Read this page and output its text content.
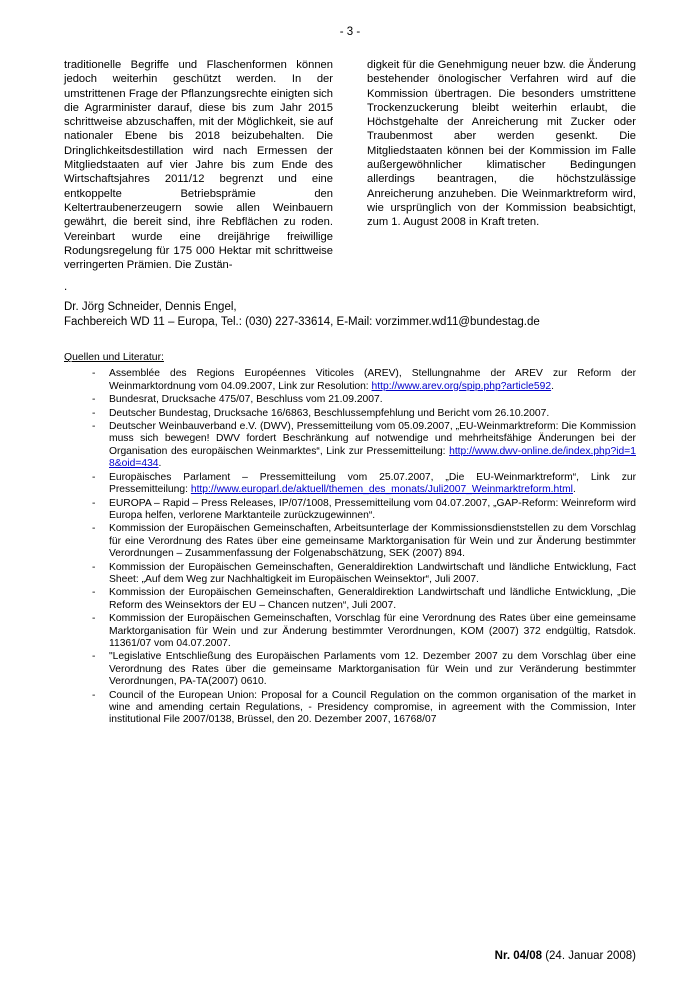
- 3 -
traditionelle Begriffe und Flaschenformen können jedoch weiterhin geschützt werden. In der umstrittenen Frage der Pflanzungsrechte einigten sich die Agrarminister darauf, diese bis zum Jahr 2015 schrittweise abzuschaffen, mit der Möglichkeit, sie auf nationaler Ebene bis 2018 beizubehalten. Die Dringlichkeitsdestillation wird nach Ermessen der Mitgliedstaaten auf vier Jahre bis zum Ende des Wirtschaftsjahres 2011/12 begrenzt und eine entkoppelte Betriebsprämie den Keltertraubenerzeugern sowie allen Weinbauern gewährt, die bereit sind, ihre Rebflächen zu roden. Vereinbart wurde eine dreijährige freiwillige Rodungsregelung für 175 000 Hektar mit schrittweise verringerten Prämien. Die Zustän-
digkeit für die Genehmigung neuer bzw. die Änderung bestehender önologischer Verfahren wird auf die Kommission übertragen. Die besonders umstrittene Trockenzuckerung bleibt weiterhin erlaubt, die Höchstgehalte der Anreicherung mit Zucker oder Traubenmost aber werden gesenkt. Die Mitgliedstaaten können bei der Kommission im Falle außergewöhnlicher klimatischer Bedingungen allerdings beantragen, die höchstzulässige Anreicherung anzuheben. Die Weinmarktreform wird, wie ursprünglich von der Kommission beabsichtigt, zum 1. August 2008 in Kraft treten.
.
Dr. Jörg Schneider, Dennis Engel,
Fachbereich WD 11 – Europa, Tel.: (030) 227-33614, E-Mail: vorzimmer.wd11@bundestag.de
Quellen und Literatur:
-	Assemblée des Regions Européennes Viticoles (AREV), Stellungnahme der AREV zur Reform der Weinmarktordnung vom 04.09.2007, Link zur Resolution: http://www.arev.org/spip.php?article592.
-	Bundesrat, Drucksache 475/07, Beschluss vom 21.09.2007.
-	Deutscher Bundestag, Drucksache 16/6863, Beschlussempfehlung und Bericht vom 26.10.2007.
-	Deutscher Weinbauverband e.V. (DWV), Pressemitteilung vom 05.09.2007, „EU-Weinmarktreform: Die Kommission muss sich bewegen! DWV fordert Beschränkung auf notwendige und mehrheitsfähige Änderungen bei der Organisation des europäischen Weinmarktes“, Link zur Pressemitteilung: http://www.dwv-online.de/index.php?id=18&oid=434.
-	Europäisches Parlament – Pressemitteilung vom 25.07.2007, „Die EU-Weinmarktreform“, Link zur Pressemitteilung: http://www.europarl.de/aktuell/themen_des_monats/Juli2007_Weinmarktreform.html.
-	EUROPA – Rapid – Press Releases, IP/07/1008, Pressemitteilung vom 04.07.2007, „GAP-Reform: Weinreform wird Europa helfen, verlorene Marktanteile zurückzugewinnen“.
-	Kommission der Europäischen Gemeinschaften, Arbeitsunterlage der Kommissionsdienststellen zu dem Vorschlag für eine Verordnung des Rates über eine gemeinsame Marktorganisation für Wein und zur Änderung bestimmter Verordnungen – Zusammenfassung der Folgenabschätzung, SEK (2007) 894.
-	Kommission der Europäischen Gemeinschaften, Generaldirektion Landwirtschaft und ländliche Entwicklung, Fact Sheet: „Auf dem Weg zur Nachhaltigkeit im Europäischen Weinsektor“, Juli 2007.
-	Kommission der Europäischen Gemeinschaften, Generaldirektion Landwirtschaft und ländliche Entwicklung, „Die Reform des Weinsektors der EU – Chancen nutzen“, Juli 2007.
-	Kommission der Europäischen Gemeinschaften, Vorschlag für eine Verordnung des Rates über eine gemeinsame Marktorganisation für Wein und zur Änderung bestimmter Verordnungen, KOM (2007) 372 endgültig, Ratsdok. 11361/07 vom 04.07.2007.
-	"Legislative Entschließung des Europäischen Parlaments vom 12. Dezember 2007 zu dem Vorschlag über eine Verordnung des Rates über die gemeinsame Marktorganisation für Wein und zur Veränderung bestimmter Verordnungen, PA-TA(2007) 0610.
-	Council of the European Union: Proposal for a Council Regulation on the common organisation of the market in wine and amending certain Regulations, - Presidency compromise, in agreement with the Commission, Inter institutional File 2007/0138, Brüssel, den 20. Dezember 2007, 16768/07
Nr. 04/08 (24. Januar 2008)
